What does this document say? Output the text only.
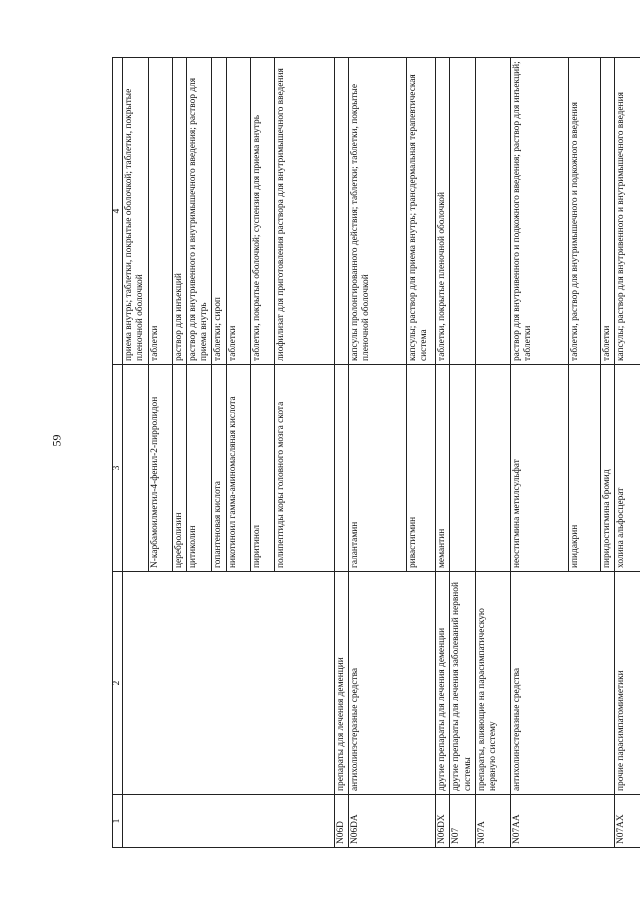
59
1	2	3	4
			приема внутрь; таблетки, покрытые оболочкой; таблетки, покрытые пленочной оболочкой
		N-карбамоилметил-4-фенил-2-пирролидон	таблетки
		церебролизин	раствор для инъекций
		цитиколин	раствор для внутривенного и внутримышечного введения; раствор для приема внутрь
		гопантеновая кислота	таблетки; сироп
		никотиноил гамма-аминомасляная кислота	таблетки
		пиритинол	таблетки, покрытые оболочкой; суспензия для приема внутрь
		полипептиды коры головного мозга скота	лиофилизат для приготовления раствора для внутримышечного введения
N06D	препараты для лечения деменции		
N06DA	антихолинэстеразные средства	галантамин	капсулы пролонгированного действия; таблетки; таблетки, покрытые пленочной оболочкой
		ривастигмин	капсулы; раствор для приема внутрь; трансдермальная терапевтическая система
N06DX	другие препараты для лечения деменции	мемантин	таблетки, покрытые пленочной оболочкой
N07	другие препараты для лечения заболеваний нервной системы		
N07A	препараты, влияющие на парасимпатическую нервную систему		
N07AA	антихолинэстеразные средства	неостигмина метилсульфат	раствор для внутривенного и подкожного введения; раствор для инъекций; таблетки
		ипидакрин	таблетки, раствор для внутримышечного и подкожного введения
		пиридостигмина бромид	таблетки
N07AX	прочие парасимпатомиметики	холина альфосцерат	капсулы; раствор для внутривенного и внутримышечного введения
